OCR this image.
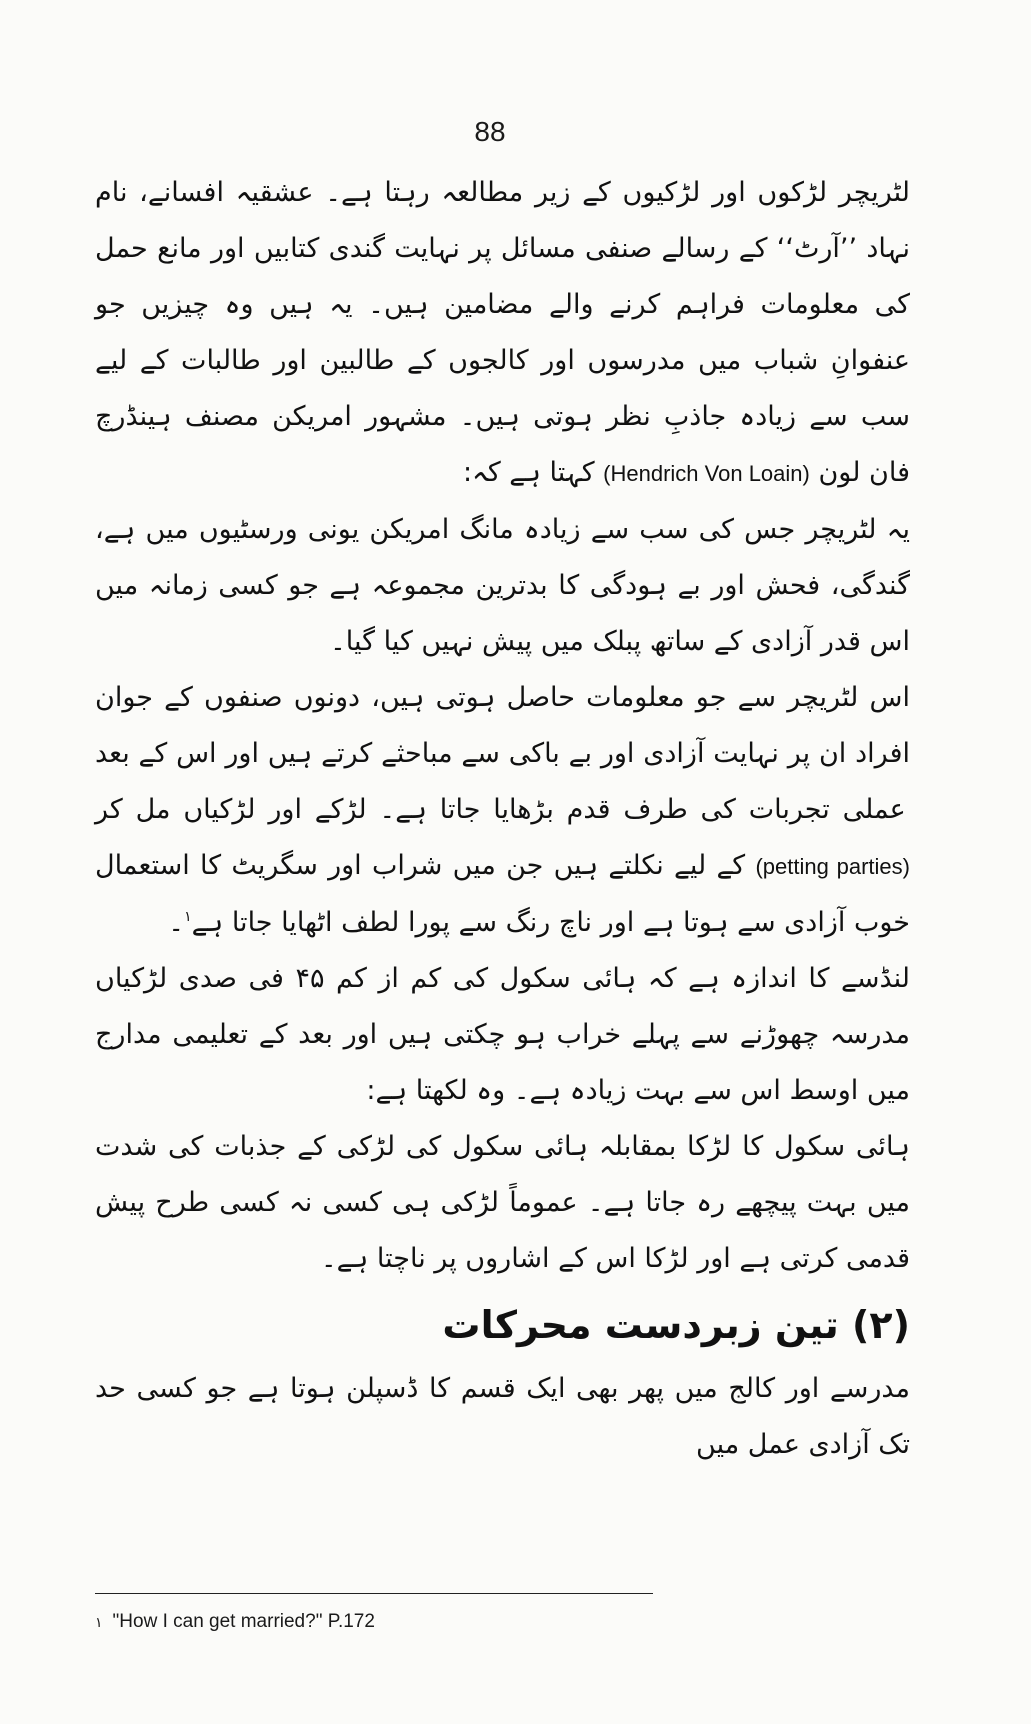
88

لٹریچر لڑکوں اور لڑکیوں کے زیر مطالعہ رہتا ہے۔ عشقیہ افسانے، نام نہاد ’’آرٹ‘‘ کے رسالے صنفی مسائل پر نہایت گندی کتابیں اور مانع حمل کی معلومات فراہم کرنے والے مضامین ہیں۔ یہ ہیں وہ چیزیں جو عنفوانِ شباب میں مدرسوں اور کالجوں کے طالبین اور طالبات کے لیے سب سے زیادہ جاذبِ نظر ہوتی ہیں۔ مشہور امریکن مصنف ہینڈرچ فان لون (Hendrich Von Loain) کہتا ہے کہ:

یہ لٹریچر جس کی سب سے زیادہ مانگ امریکن یونی ورسٹیوں میں ہے، گندگی، فحش اور بے ہودگی کا بدترین مجموعہ ہے جو کسی زمانہ میں اس قدر آزادی کے ساتھ پبلک میں پیش نہیں کیا گیا۔

اس لٹریچر سے جو معلومات حاصل ہوتی ہیں، دونوں صنفوں کے جوان افراد ان پر نہایت آزادی اور بے باکی سے مباحثے کرتے ہیں اور اس کے بعد عملی تجربات کی طرف قدم بڑھایا جاتا ہے۔ لڑکے اور لڑکیاں مل کر (petting parties) کے لیے نکلتے ہیں جن میں شراب اور سگریٹ کا استعمال خوب آزادی سے ہوتا ہے اور ناچ رنگ سے پورا لطف اٹھایا جاتا ہے$^۱$۔

لنڈسے کا اندازہ ہے کہ ہائی سکول کی کم از کم ۴۵ فی صدی لڑکیاں مدرسہ چھوڑنے سے پہلے خراب ہو چکتی ہیں اور بعد کے تعلیمی مدارج میں اوسط اس سے بہت زیادہ ہے۔ وہ لکھتا ہے:

ہائی سکول کا لڑکا بمقابلہ ہائی سکول کی لڑکی کے جذبات کی شدت میں بہت پیچھے رہ جاتا ہے۔ عموماً لڑکی ہی کسی نہ کسی طرح پیش قدمی کرتی ہے اور لڑکا اس کے اشاروں پر ناچتا ہے۔

(۲) تین زبردست محرکات

مدرسے اور کالج میں پھر بھی ایک قسم کا ڈسپلن ہوتا ہے جو کسی حد تک آزادی عمل میں

۱ "How I can get married?" P.172
